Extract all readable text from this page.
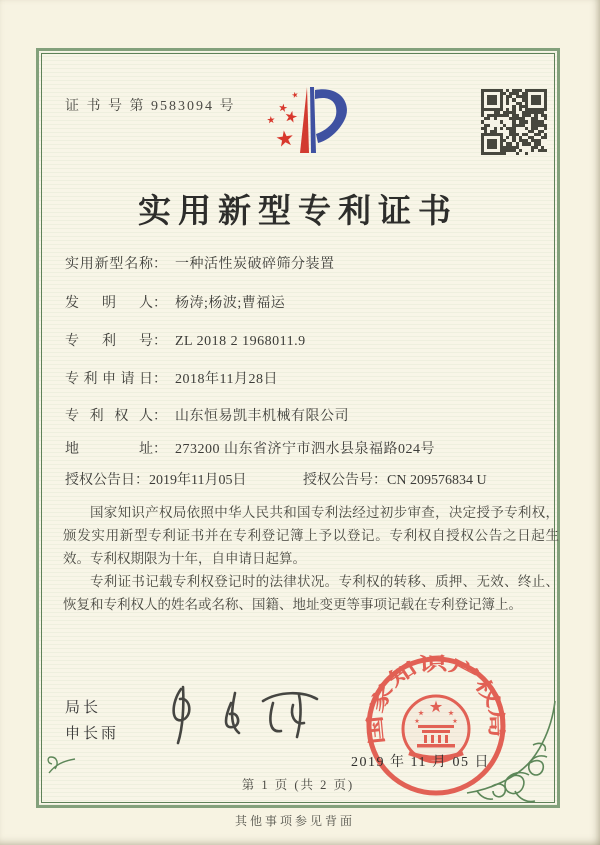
证 书 号 第 9583094 号
实用新型专利证书
实用新型名称： 一种活性炭破碎筛分装置
发明人： 杨涛;杨波;曹福运
专利号： ZL 2018 2 1968011.9
专利申请日： 2018年11月28日
专利权人： 山东恒易凯丰机械有限公司
地址： 273200 山东省济宁市泗水县泉福路024号
授权公告日：2019年11月05日	授权公告号：CN 209576834 U

国家知识产权局依照中华人民共和国专利法经过初步审查，决定授予专利权，颁发实用新型专利证书并在专利登记簿上予以登记。专利权自授权公告之日起生效。专利权期限为十年，自申请日起算。

专利证书记载专利权登记时的法律状况。专利权的转移、质押、无效、终止、恢复和专利权人的姓名或名称、国籍、地址变更等事项记载在专利登记簿上。

局长
申长雨	国家知识产权局
2019 年 11 月 05 日
第 1 页 (共 2 页)
其他事项参见背面
